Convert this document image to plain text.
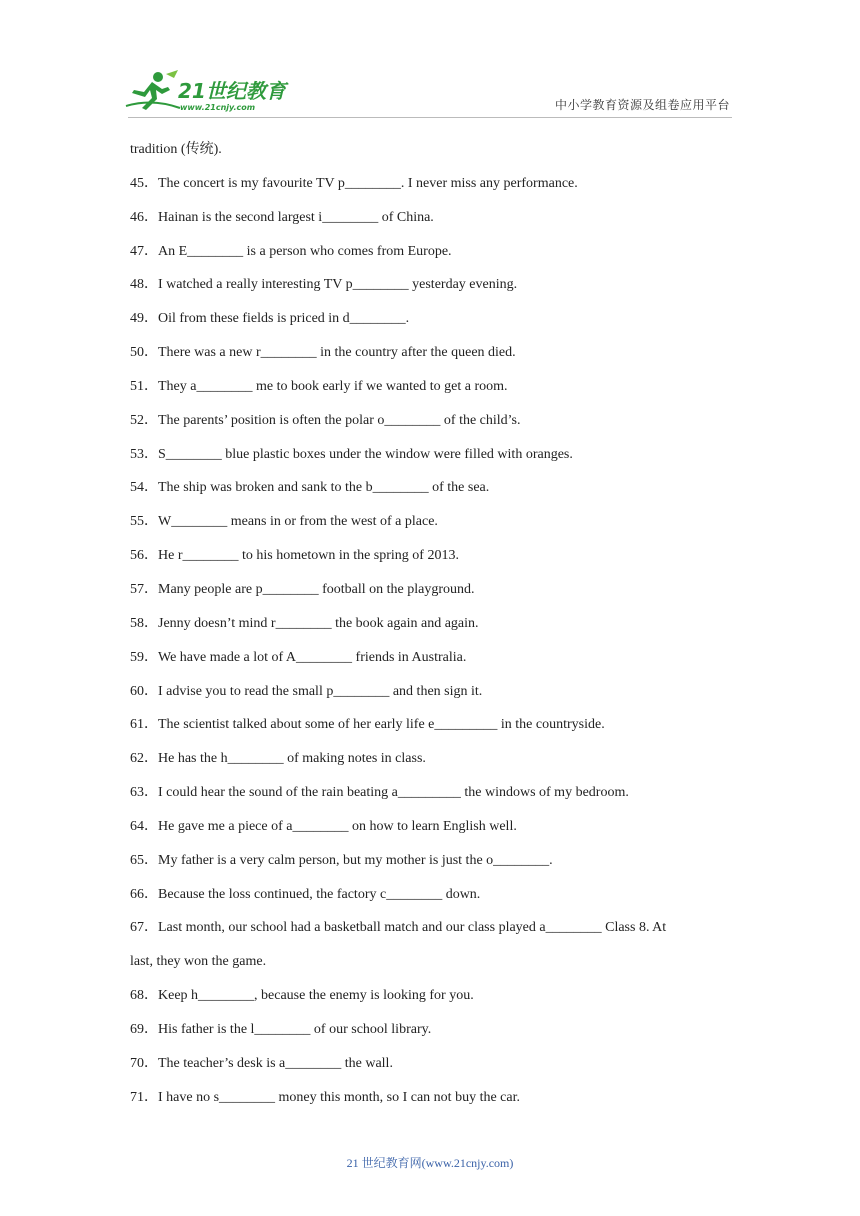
21世纪教育
www.21cnjy.com	中小学教育资源及组卷应用平台
tradition (传统).
45．The concert is my favourite TV p________. I never miss any performance.
46．Hainan is the second largest i________ of China.
47．An E________ is a person who comes from Europe.
48．I watched a really interesting TV p________ yesterday evening.
49．Oil from these fields is priced in d________.
50．There was a new r________ in the country after the queen died.
51．They a________ me to book early if we wanted to get a room.
52．The parents’ position is often the polar o________ of the child’s.
53．S________ blue plastic boxes under the window were filled with oranges.
54．The ship was broken and sank to the b________ of the sea.
55．W________ means in or from the west of a place.
56．He r________ to his hometown in the spring of 2013.
57．Many people are p________ football on the playground.
58．Jenny doesn’t mind r________ the book again and again.
59．We have made a lot of A________ friends in Australia.
60．I advise you to read the small p________ and then sign it.
61．The scientist talked about some of her early life e_________ in the countryside.
62．He has the h________ of making notes in class.
63．I could hear the sound of the rain beating a_________ the windows of my bedroom.
64．He gave me a piece of a________ on how to learn English well.
65．My father is a very calm person, but my mother is just the o________.
66．Because the loss continued, the factory c________ down.
67．Last month, our school had a basketball match and our class played a________ Class 8. At
last, they won the game.
68．Keep h________, because the enemy is looking for you.
69．His father is the l________ of our school library.
70．The teacher’s desk is a________ the wall.
71．I have no s________ money this month, so I can not buy the car.
21 世纪教育网(www.21cnjy.com)
